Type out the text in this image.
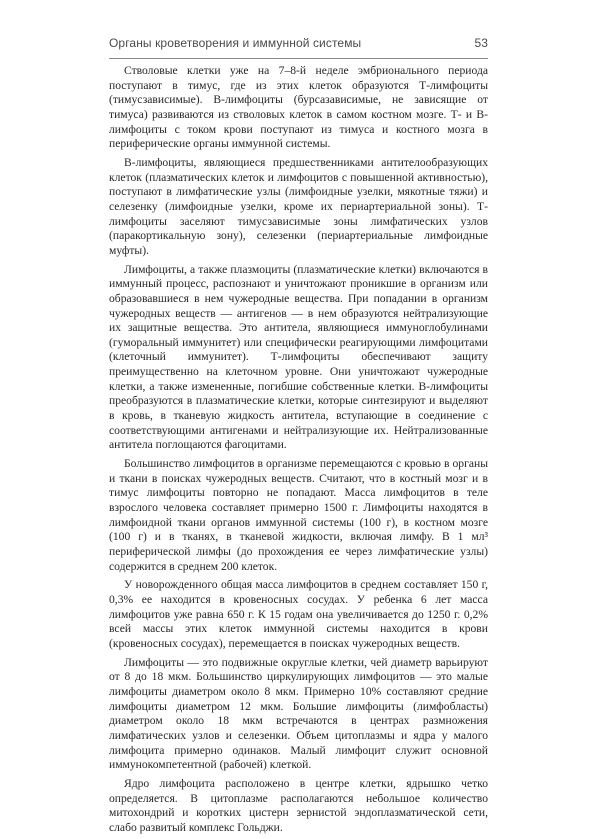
Органы кроветворения и иммунной системы	53

Стволовые клетки уже на 7–8-й неделе эмбрионального периода поступают в тимус, где из этих клеток образуются Т-лимфоциты (тимусзависимые). В-лимфоциты (бурсазависимые, не зависящие от тимуса) развиваются из стволовых клеток в самом костном мозге. Т- и В-лимфоциты с током крови поступают из тимуса и костного мозга в периферические органы иммунной системы.

В-лимфоциты, являющиеся предшественниками антителообразующих клеток (плазматических клеток и лимфоцитов с повышенной активностью), поступают в лимфатические узлы (лимфоидные узелки, мякотные тяжи) и селезенку (лимфоидные узелки, кроме их периартериальной зоны). Т-лимфоциты заселяют тимусзависимые зоны лимфатических узлов (паракортикальную зону), селезенки (периартериальные лимфоидные муфты).

Лимфоциты, а также плазмоциты (плазматические клетки) включаются в иммунный процесс, распознают и уничтожают проникшие в организм или образовавшиеся в нем чужеродные вещества. При попадании в организм чужеродных веществ — антигенов — в нем образуются нейтрализующие их защитные вещества. Это антитела, являющиеся иммуноглобулинами (гуморальный иммунитет) или специфически реагирующими лимфоцитами (клеточный иммунитет). Т-лимфоциты обеспечивают защиту преимущественно на клеточном уровне. Они уничтожают чужеродные клетки, а также измененные, погибшие собственные клетки. В-лимфоциты преобразуются в плазматические клетки, которые синтезируют и выделяют в кровь, в тканевую жидкость антитела, вступающие в соединение с соответствующими антигенами и нейтрализующие их. Нейтрализованные антитела поглощаются фагоцитами.

Большинство лимфоцитов в организме перемещаются с кровью в органы и ткани в поисках чужеродных веществ. Считают, что в костный мозг и в тимус лимфоциты повторно не попадают. Масса лимфоцитов в теле взрослого человека составляет примерно 1500 г. Лимфоциты находятся в лимфоидной ткани органов иммунной системы (100 г), в костном мозге (100 г) и в тканях, в тканевой жидкости, включая лимфу. В 1 мл³ периферической лимфы (до прохождения ее через лимфатические узлы) содержится в среднем 200 клеток.

У новорожденного общая масса лимфоцитов в среднем составляет 150 г, 0,3% ее находится в кровеносных сосудах. У ребенка 6 лет масса лимфоцитов уже равна 650 г. К 15 годам она увеличивается до 1250 г. 0,2% всей массы этих клеток иммунной системы находится в крови (кровеносных сосудах), перемещается в поисках чужеродных веществ.

Лимфоциты — это подвижные округлые клетки, чей диаметр варьируют от 8 до 18 мкм. Большинство циркулирующих лимфоцитов — это малые лимфоциты диаметром около 8 мкм. Примерно 10% составляют средние лимфоциты диаметром 12 мкм. Большие лимфоциты (лимфобласты) диаметром около 18 мкм встречаются в центрах размножения лимфатических узлов и селезенки. Объем цитоплазмы и ядра у малого лимфоцита примерно одинаков. Малый лимфоцит служит основной иммунокомпетентной (рабочей) клеткой.

Ядро лимфоцита расположено в центре клетки, ядрышко четко определяется. В цитоплазме располагаются небольшое количество митохондрий и коротких цистерн зернистой эндоплазматической сети, слабо развитый комплекс Гольджи.
